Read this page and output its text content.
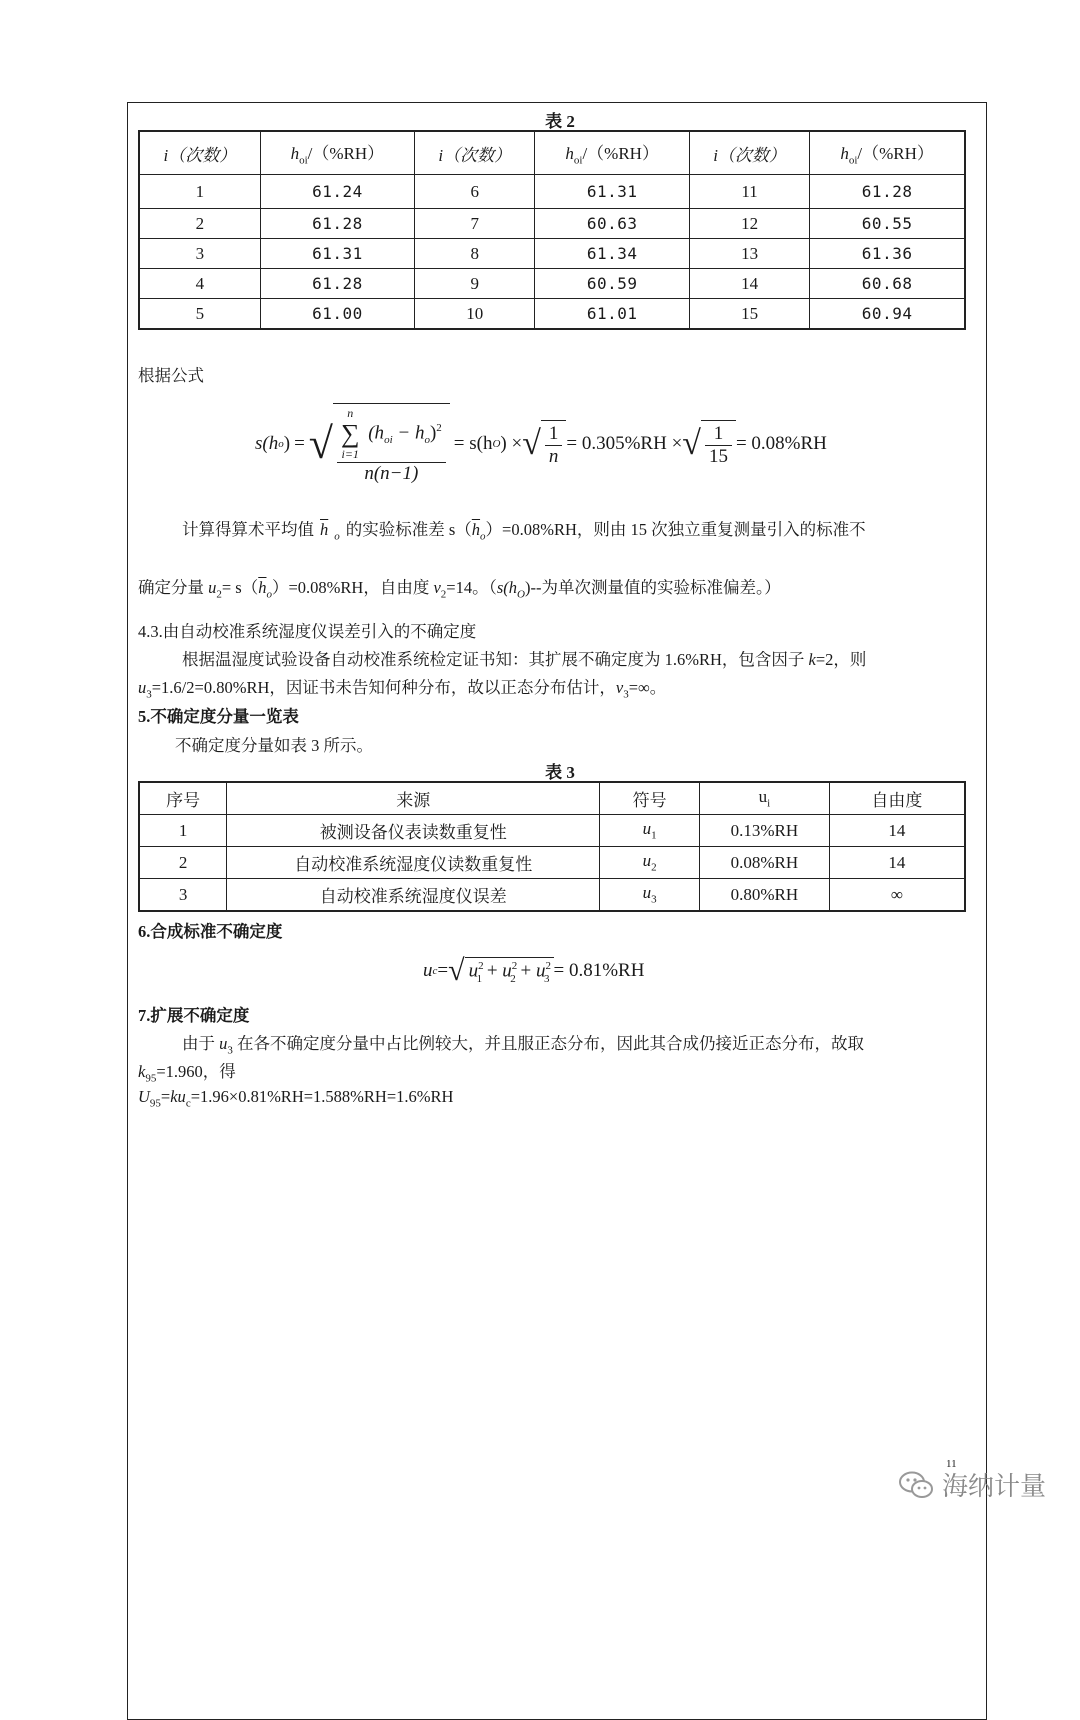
表 2
i（次数）	$h_{oi}/(\%RH)$	i（次数）	$h_{oi}/(\%RH)$	i（次数）	$h_{oi}/(\%RH)$
1	61.24	6	61.31	11	61.28
2	61.28	7	60.63	12	60.55
3	61.31	8	61.34	13	61.36
4	61.28	9	60.59	14	60.68
5	61.00	10	61.01	15	60.94
根据公式
s(h o ) = √ n
∑
i=1
$(h_{oi} - h_o)^2$
n(n−1) = s(h O ) × √ $\frac{1}{n} = 0.305\%RH$ × √ $\frac{1}{15} = 0.08\%RH$
计算得算术平均值 $\overline{h}$ $_o$ 的实验标准差 $s(\overline{h}_o)=0.08\%RH$，则由 15 次独立重复测量引入的标准不
确定分量 $u_2= s(\overline{h}_o)=0.08\%RH$，自由度 $v_2=14$。（$s(h_O)--$为单次测量值的实验标准偏差。）
4.3.由自动校准系统湿度仪误差引入的不确定度
根据温湿度试验设备自动校准系统检定证书知：其扩展不确定度为 1.6%RH，包含因子 k=2，则
$u_3=1.6/2=0.80\%RH$，因证书未告知何种分布，故以正态分布估计，$v_3=\infty$。
5.不确定度分量一览表
不确定度分量如表 3 所示。
表 3
序号	来源	符号	$u_i$	自由度
1	被测设备仪表读数重复性	$u_1$	0.13%RH	14
2	自动校准系统湿度仪读数重复性	$u_2$	0.08%RH	14
3	自动校准系统湿度仪误差	$u_3$	0.80%RH	∞
6.合成标准不确定度
u c = √ $u^2_1 + u^2_2 + u^2_3 = 0.81\%RH$
7.扩展不确定度
由于 $u_3$ 在各不确定度分量中占比例较大，并且服正态分布，因此其合成仍接近正态分布，故取
$k_{95}=1.960$，得
$U_{95}=ku_c=1.96\times 0.81\%RH=1.588\%RH=1.6\%RH$
11
海纳计量
